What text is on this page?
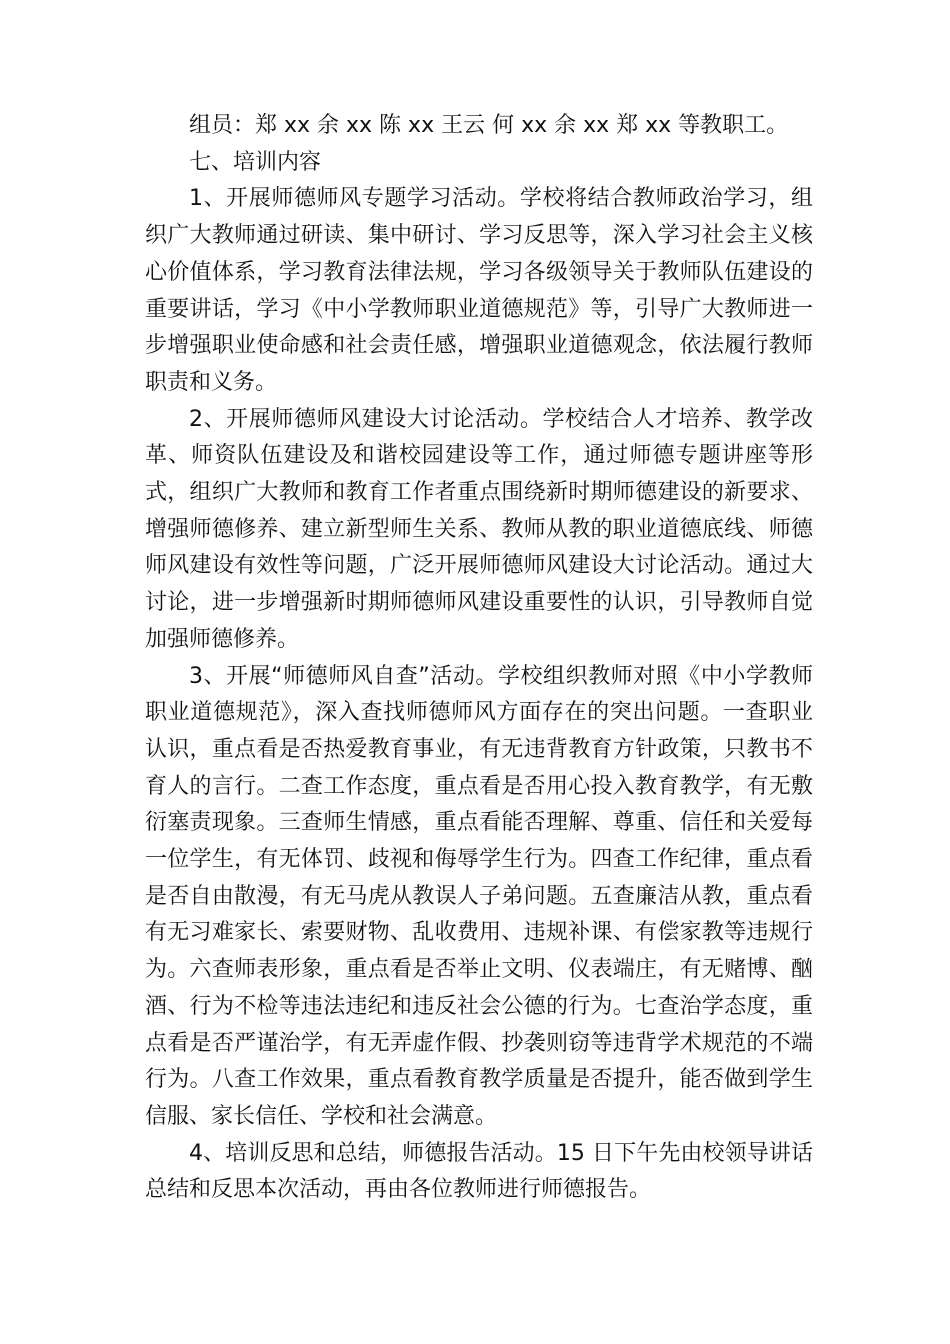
组员：郑 xx 余 xx 陈 xx 王云 何 xx 余 xx 郑 xx 等教职工。

七、培训内容

1、开展师德师风专题学习活动。学校将结合教师政治学习，组织广大教师通过研读、集中研讨、学习反思等，深入学习社会主义核心价值体系，学习教育法律法规，学习各级领导关于教师队伍建设的重要讲话，学习《中小学教师职业道德规范》等，引导广大教师进一步增强职业使命感和社会责任感，增强职业道德观念，依法履行教师职责和义务。

2、开展师德师风建设大讨论活动。学校结合人才培养、教学改革、师资队伍建设及和谐校园建设等工作，通过师德专题讲座等形式，组织广大教师和教育工作者重点围绕新时期师德建设的新要求、增强师德修养、建立新型师生关系、教师从教的职业道德底线、师德师风建设有效性等问题，广泛开展师德师风建设大讨论活动。通过大讨论，进一步增强新时期师德师风建设重要性的认识，引导教师自觉加强师德修养。

3、开展“师德师风自查”活动。学校组织教师对照《中小学教师职业道德规范》，深入查找师德师风方面存在的突出问题。一查职业认识，重点看是否热爱教育事业，有无违背教育方针政策，只教书不育人的言行。二查工作态度，重点看是否用心投入教育教学，有无敷衍塞责现象。三查师生情感，重点看能否理解、尊重、信任和关爱每一位学生，有无体罚、歧视和侮辱学生行为。四查工作纪律，重点看是否自由散漫，有无马虎从教误人子弟问题。五查廉洁从教，重点看有无习难家长、索要财物、乱收费用、违规补课、有偿家教等违规行为。六查师表形象，重点看是否举止文明、仪表端庄，有无赌博、酗酒、行为不检等违法违纪和违反社会公德的行为。七查治学态度，重点看是否严谨治学，有无弄虚作假、抄袭则窃等违背学术规范的不端行为。八查工作效果，重点看教育教学质量是否提升，能否做到学生信服、家长信任、学校和社会满意。

4、培训反思和总结，师德报告活动。15 日下午先由校领导讲话总结和反思本次活动，再由各位教师进行师德报告。
